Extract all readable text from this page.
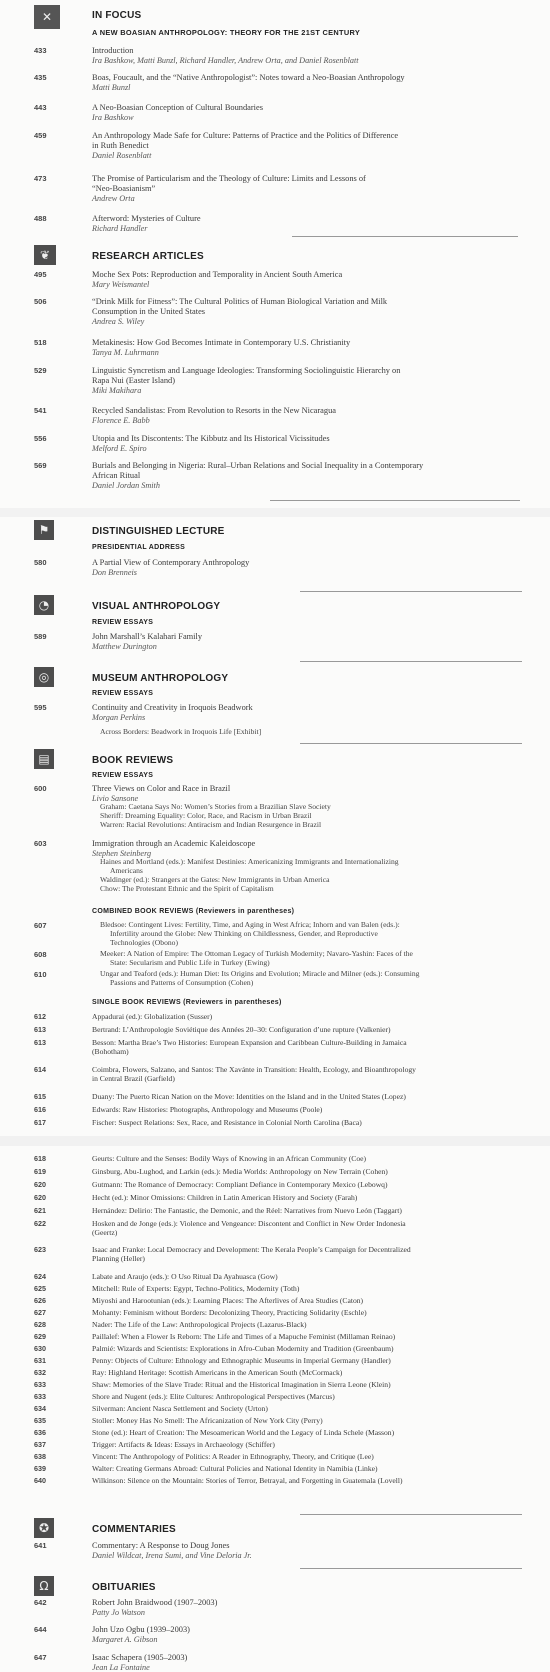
✕	IN FOCUS
A NEW BOASIAN ANTHROPOLOGY: THEORY FOR THE 21ST CENTURY
433	Introduction
Ira Bashkow, Matti Bunzl, Richard Handler, Andrew Orta, and Daniel Rosenblatt
435	Boas, Foucault, and the “Native Anthropologist”: Notes toward a Neo-Boasian Anthropology
Matti Bunzl
443	A Neo-Boasian Conception of Cultural Boundaries
Ira Bashkow
459	An Anthropology Made Safe for Culture: Patterns of Practice and the Politics of Difference
in Ruth Benedict
Daniel Rosenblatt
473	The Promise of Particularism and the Theology of Culture: Limits and Lessons of
“Neo-Boasianism”
Andrew Orta
488	Afterword: Mysteries of Culture
Richard Handler
❦	RESEARCH ARTICLES
495	Moche Sex Pots: Reproduction and Temporality in Ancient South America
Mary Weismantel
506	“Drink Milk for Fitness”: The Cultural Politics of Human Biological Variation and Milk
Consumption in the United States
Andrea S. Wiley
518	Metakinesis: How God Becomes Intimate in Contemporary U.S. Christianity
Tanya M. Luhrmann
529	Linguistic Syncretism and Language Ideologies: Transforming Sociolinguistic Hierarchy on
Rapa Nui (Easter Island)
Miki Makihara
541	Recycled Sandalistas: From Revolution to Resorts in the New Nicaragua
Florence E. Babb
556	Utopia and Its Discontents: The Kibbutz and Its Historical Vicissitudes
Melford E. Spiro
569	Burials and Belonging in Nigeria: Rural–Urban Relations and Social Inequality in a Contemporary
African Ritual
Daniel Jordan Smith
⚑	DISTINGUISHED LECTURE
PRESIDENTIAL ADDRESS
580	A Partial View of Contemporary Anthropology
Don Brenneis
◔	VISUAL ANTHROPOLOGY
REVIEW ESSAYS
589	John Marshall’s Kalahari Family
Matthew Durington
◎	MUSEUM ANTHROPOLOGY
REVIEW ESSAYS
595	Continuity and Creativity in Iroquois Beadwork
Morgan Perkins
Across Borders: Beadwork in Iroquois Life [Exhibit]
▤	BOOK REVIEWS
REVIEW ESSAYS
600	Three Views on Color and Race in Brazil
Livio Sansone
Graham: Caetana Says No: Women’s Stories from a Brazilian Slave Society
Sheriff: Dreaming Equality: Color, Race, and Racism in Urban Brazil
Warren: Racial Revolutions: Antiracism and Indian Resurgence in Brazil
603	Immigration through an Academic Kaleidoscope
Stephen Steinberg
Haines and Mortland (eds.): Manifest Destinies: Americanizing Immigrants and Internationalizing
Americans
Waldinger (ed.): Strangers at the Gates: New Immigrants in Urban America
Chow: The Protestant Ethnic and the Spirit of Capitalism
COMBINED BOOK REVIEWS (Reviewers in parentheses)
607	Bledsoe: Contingent Lives: Fertility, Time, and Aging in West Africa; Inhorn and van Balen (eds.):
Infertility around the Globe: New Thinking on Childlessness, Gender, and Reproductive
Technologies (Obono)
608	Meeker: A Nation of Empire: The Ottoman Legacy of Turkish Modernity; Navaro-Yashin: Faces of the
State: Secularism and Public Life in Turkey (Ewing)
610	Ungar and Teaford (eds.): Human Diet: Its Origins and Evolution; Miracle and Milner (eds.): Consuming
Passions and Patterns of Consumption (Cohen)
SINGLE BOOK REVIEWS (Reviewers in parentheses)
612	Appadurai (ed.): Globalization (Susser)
613	Bertrand: L’Anthropologie Soviétique des Années 20–30: Configuration d’une rupture (Valkenier)
613	Besson: Martha Brae’s Two Histories: European Expansion and Caribbean Culture-Building in Jamaica
(Bohotham)
614	Coimbra, Flowers, Salzano, and Santos: The Xavánte in Transition: Health, Ecology, and Bioanthropology
in Central Brazil (Garfield)
615	Duany: The Puerto Rican Nation on the Move: Identities on the Island and in the United States (Lopez)
616	Edwards: Raw Histories: Photographs, Anthropology and Museums (Poole)
617	Fischer: Suspect Relations: Sex, Race, and Resistance in Colonial North Carolina (Baca)
618	Geurts: Culture and the Senses: Bodily Ways of Knowing in an African Community (Coe)
619	Ginsburg, Abu-Lughod, and Larkin (eds.): Media Worlds: Anthropology on New Terrain (Cohen)
620	Gutmann: The Romance of Democracy: Compliant Defiance in Contemporary Mexico (Lebowq)
620	Hecht (ed.): Minor Omissions: Children in Latin American History and Society (Farah)
621	Hernández: Delirio: The Fantastic, the Demonic, and the Réel: Narratives from Nuevo León (Taggart)
622	Hosken and de Jonge (eds.): Violence and Vengeance: Discontent and Conflict in New Order Indonesia
(Geertz)
623	Isaac and Franke: Local Democracy and Development: The Kerala People’s Campaign for Decentralized
Planning (Heller)
624	Labate and Araujo (eds.): O Uso Ritual Da Ayahuasca (Gow)
625	Mitchell: Rule of Experts: Egypt, Techno-Politics, Modernity (Toth)
626	Miyoshi and Harootunian (eds.): Learning Places: The Afterlives of Area Studies (Caton)
627	Mohanty: Feminism without Borders: Decolonizing Theory, Practicing Solidarity (Eschle)
628	Nader: The Life of the Law: Anthropological Projects (Lazarus-Black)
629	Paillalef: When a Flower Is Reborn: The Life and Times of a Mapuche Feminist (Millaman Reinao)
630	Palmié: Wizards and Scientists: Explorations in Afro-Cuban Modernity and Tradition (Greenbaum)
631	Penny: Objects of Culture: Ethnology and Ethnographic Museums in Imperial Germany (Handler)
632	Ray: Highland Heritage: Scottish Americans in the American South (McCormack)
633	Shaw: Memories of the Slave Trade: Ritual and the Historical Imagination in Sierra Leone (Klein)
633	Shore and Nugent (eds.): Elite Cultures: Anthropological Perspectives (Marcus)
634	Silverman: Ancient Nasca Settlement and Society (Urton)
635	Stoller: Money Has No Smell: The Africanization of New York City (Perry)
636	Stone (ed.): Heart of Creation: The Mesoamerican World and the Legacy of Linda Schele (Masson)
637	Trigger: Artifacts & Ideas: Essays in Archaeology (Schiffer)
638	Vincent: The Anthropology of Politics: A Reader in Ethnography, Theory, and Critique (Lee)
639	Walter: Creating Germans Abroad: Cultural Policies and National Identity in Namibia (Linke)
640	Wilkinson: Silence on the Mountain: Stories of Terror, Betrayal, and Forgetting in Guatemala (Lovell)
✪	COMMENTARIES
641	Commentary: A Response to Doug Jones
Daniel Wildcat, Irena Sumi, and Vine Deloria Jr.
Ω	OBITUARIES
642	Robert John Braidwood (1907–2003)
Patty Jo Watson
644	John Uzo Ogbu (1939–2003)
Margaret A. Gibson
647	Isaac Schapera (1905–2003)
Jean La Fontaine
